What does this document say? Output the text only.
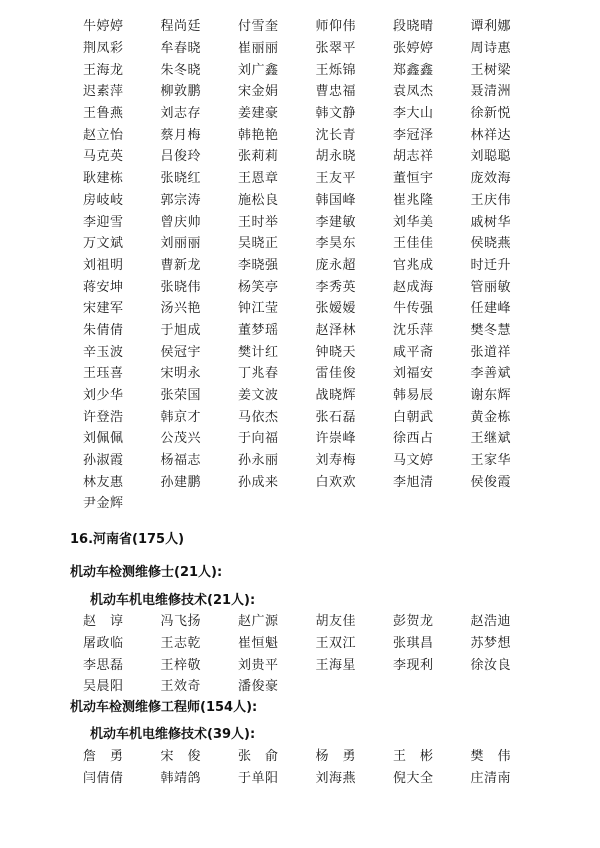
牛婷婷	程尚廷	付雪奎	师仰伟	段晓晴	谭利娜
荆凤彩	牟春晓	崔丽丽	张翠平	张婷婷	周诗惠
王海龙	朱冬晓	刘广鑫	王烁锦	郑鑫鑫	王树梁
迟素萍	柳敦鹏	宋金娟	曹忠福	袁凤杰	聂清洲
王鲁燕	刘志存	姜建豪	韩文静	李大山	徐新悦
赵立怡	蔡月梅	韩艳艳	沈长青	李冠泽	林祥达
马克英	吕俊玲	张莉莉	胡永晓	胡志祥	刘聪聪
耿建栋	张晓红	王恩章	王友平	董恒宇	庞效海
房岐岐	郭宗涛	施松良	韩国峰	崔兆隆	王庆伟
李迎雪	曾庆帅	王时举	李建敏	刘华美	戚树华
万文斌	刘丽丽	吴晓正	李昊东	王佳佳	侯晓燕
刘祖明	曹新龙	李晓强	庞永超	官兆成	时迁升
蒋安坤	张晓伟	杨笑亭	李秀英	赵成海	管丽敏
宋建军	汤兴艳	钟江莹	张嫒嫒	牛传强	任建峰
朱倩倩	于旭成	董梦瑶	赵泽林	沈乐萍	樊冬慧
辛玉波	侯冠宇	樊计红	钟晓天	咸平斋	张道祥
王珏喜	宋明永	丁兆春	雷佳俊	刘福安	李善斌
刘少华	张荣国	姜文波	战晓辉	韩易辰	谢东辉
许登浩	韩京才	马依杰	张石磊	白朝武	黄金栋
刘佩佩	公茂兴	于向福	许崇峰	徐西占	王继斌
孙淑霞	杨福志	孙永丽	刘寿梅	马文婷	王家华
林友惠	孙建鹏	孙成来	白欢欢	李旭清	侯俊霞
尹金辉
16.河南省(175人)
机动车检测维修士(21人):
机动车机电维修技术(21人):
赵　谆	冯飞扬	赵广源	胡友佳	彭贺龙	赵浩迪
屠政临	王志乾	崔恒魁	王双江	张琪昌	苏梦想
李思磊	王梓敬	刘贵平	王海星	李现利	徐汝良
吴晨阳	王效奇	潘俊豪
机动车检测维修工程师(154人):
机动车机电维修技术(39人):
詹　勇	宋　俊	张　俞	杨　勇	王　彬	樊　伟
闫倩倩	韩靖鸽	于单阳	刘海燕	倪大全	庄清南
